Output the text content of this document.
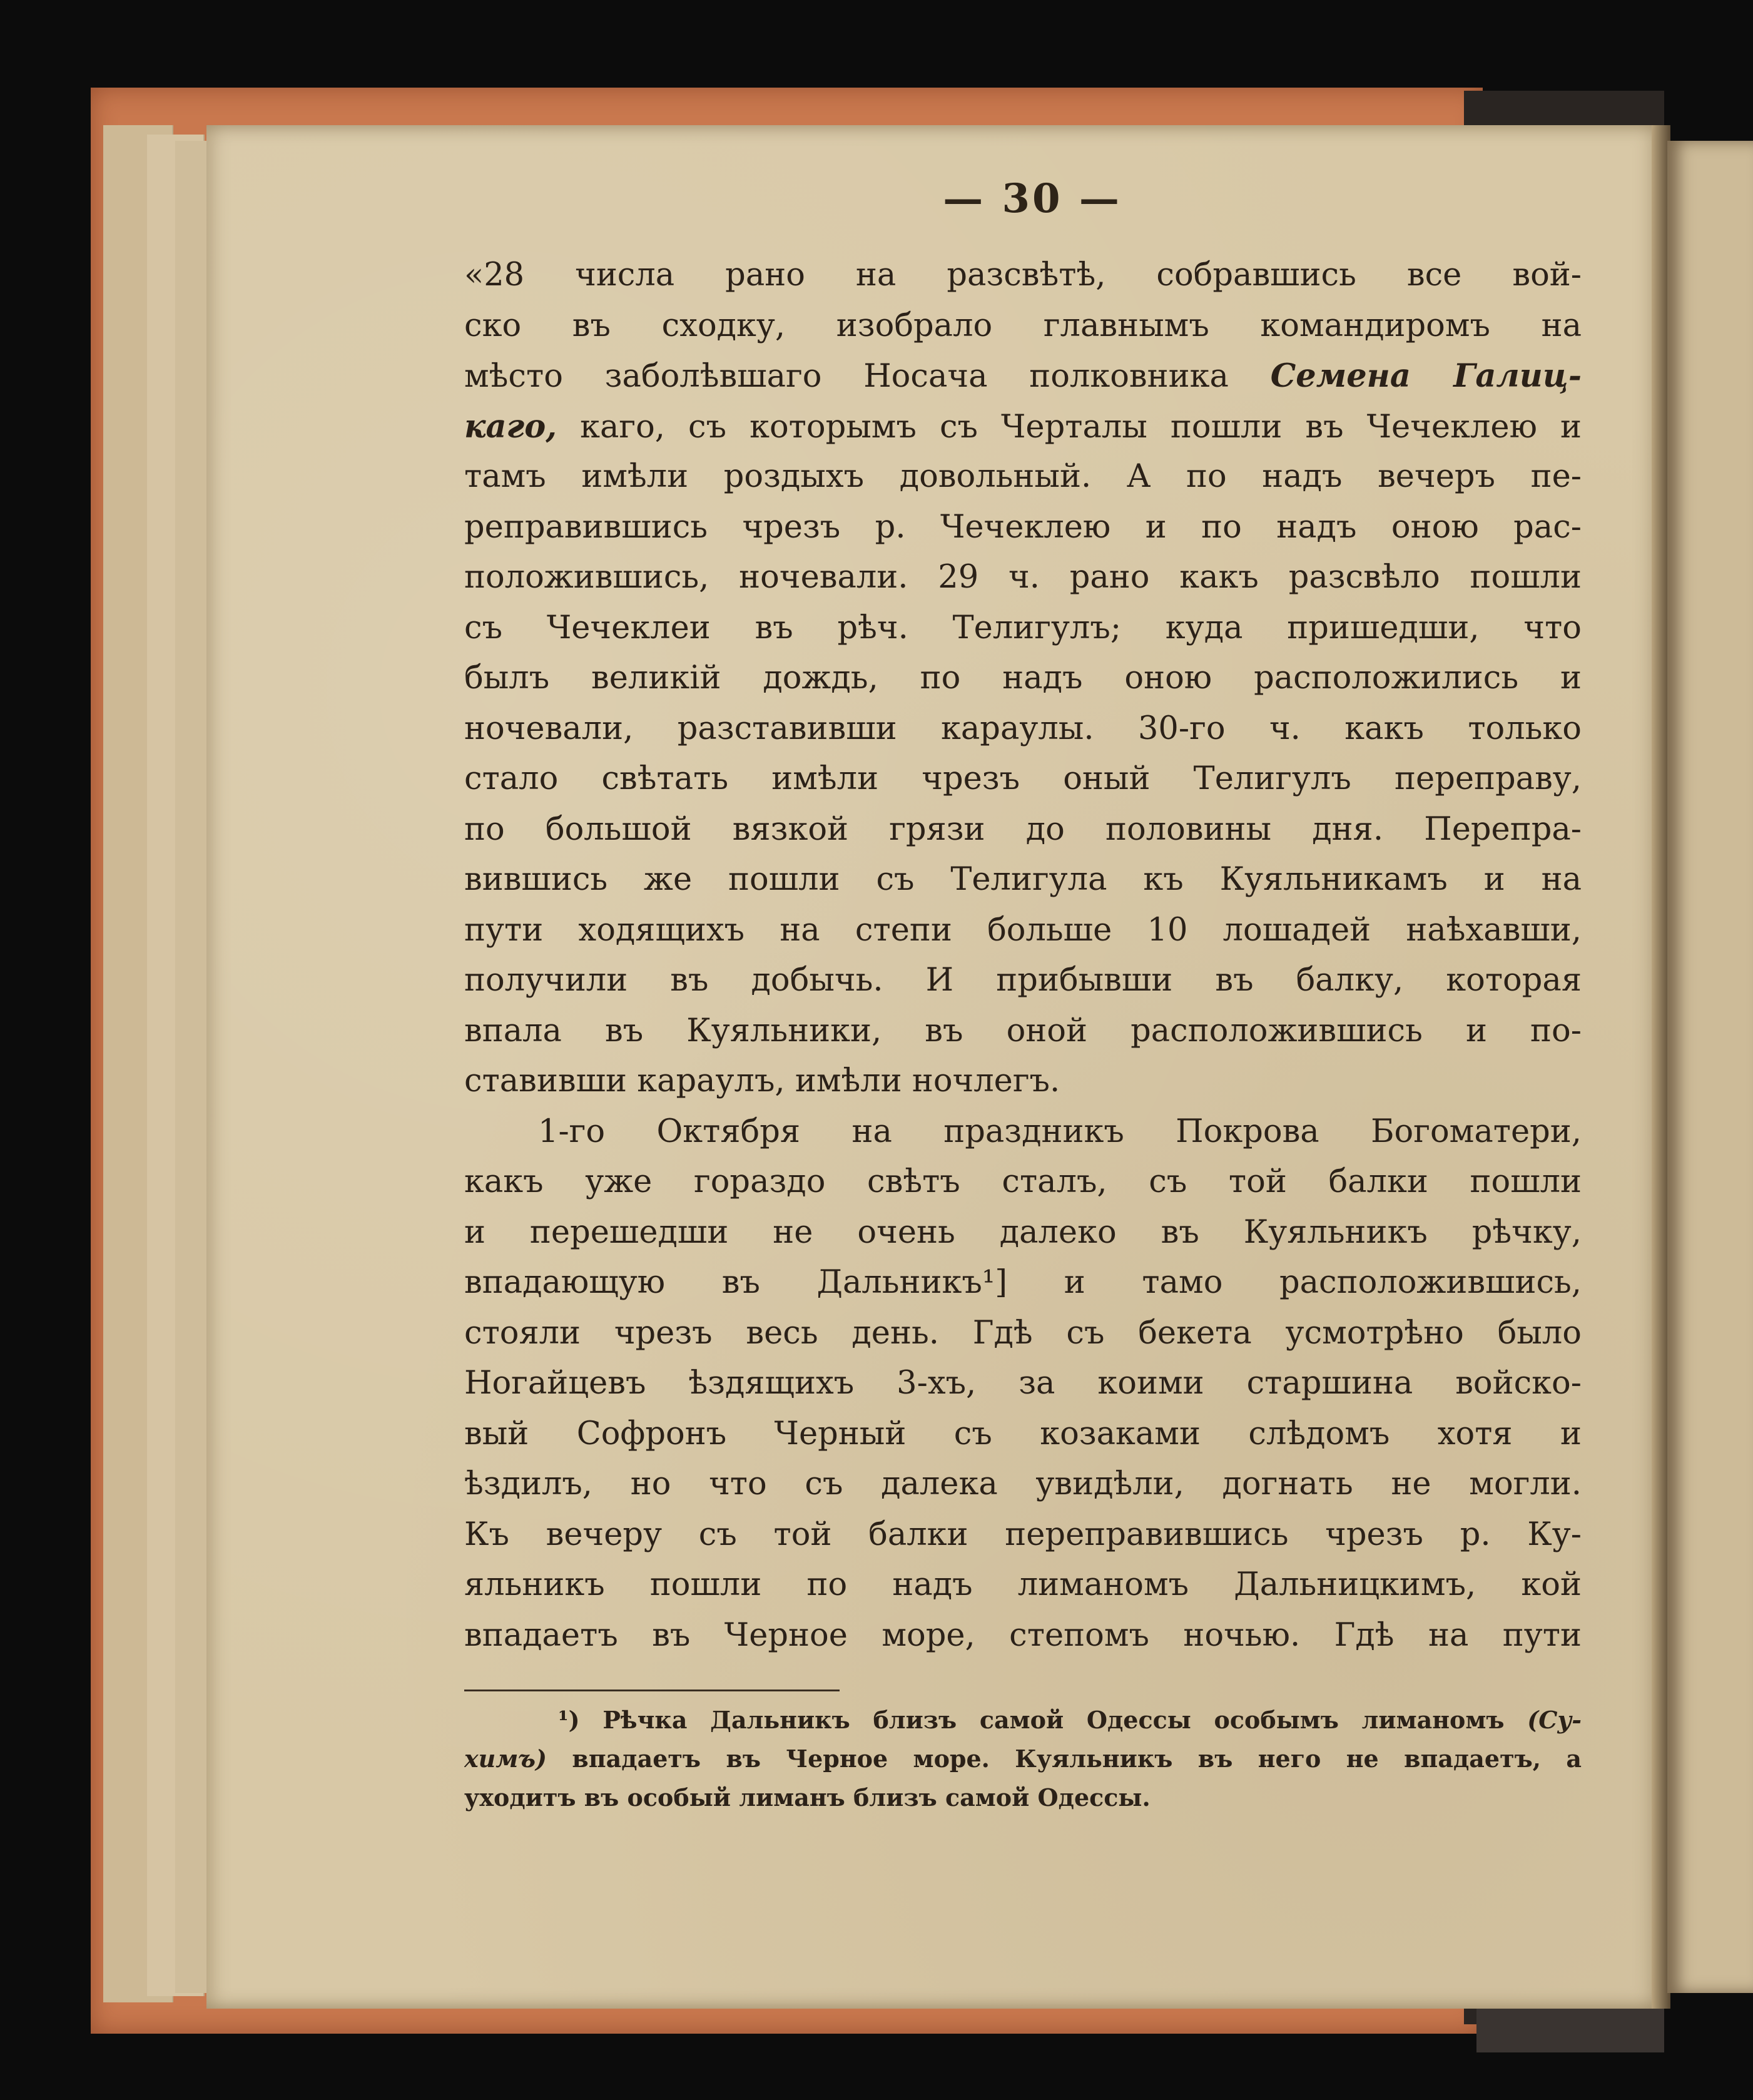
— 30 —
«28 числа рано на разсвѣтѣ, собравшись все вой-
ско въ сходку, изобрало главнымъ командиромъ на
мѣсто заболѣвшаго Носача полковника Семена Галиц-
каго, каго, съ которымъ съ Черталы пошли въ Чечеклею и
тамъ имѣли роздыхъ довольный. А по надъ вечеръ пе-
реправившись чрезъ р. Чечеклею и по надъ оною рас-
положившись, ночевали. 29 ч. рано какъ разсвѣло пошли
съ Чечеклеи въ рѣч. Телигулъ; куда пришедши, что
былъ великій дождь, по надъ оною расположились и
ночевали, разставивши караулы. 30-го ч. какъ только
стало свѣтать имѣли чрезъ оный Телигулъ переправу,
по большой вязкой грязи до половины дня. Перепра-
вившись же пошли съ Телигула къ Куяльникамъ и на
пути ходящихъ на степи больше 10 лошадей наѣхавши,
получили въ добычь. И прибывши въ балку, которая
впала въ Куяльники, въ оной расположившись и по-
ставивши караулъ, имѣли ночлегъ.
1-го Октября на праздникъ Покрова Богоматери,
какъ уже гораздо свѣтъ сталъ, съ той балки пошли
и перешедши не очень далеко въ Куяльникъ рѣчку,
впадающую въ Дальникъ¹] и тамо расположившись,
стояли чрезъ весь день. Гдѣ съ бекета усмотрѣно было
Ногайцевъ ѣздящихъ 3-хъ, за коими старшина войско-
вый Софронъ Черный съ козаками слѣдомъ хотя и
ѣздилъ, но что съ далека увидѣли, догнать не могли.
Къ вечеру съ той балки переправившись чрезъ р. Ку-
яльникъ пошли по надъ лиманомъ Дальницкимъ, кой
впадаетъ въ Черное море, степомъ ночью. Гдѣ на пути
¹) Рѣчка Дальникъ близъ самой Одессы особымъ лиманомъ (Су-
химъ) впадаетъ въ Черное море. Куяльникъ въ него не впадаетъ, а
уходитъ въ особый лиманъ близъ самой Одессы.
